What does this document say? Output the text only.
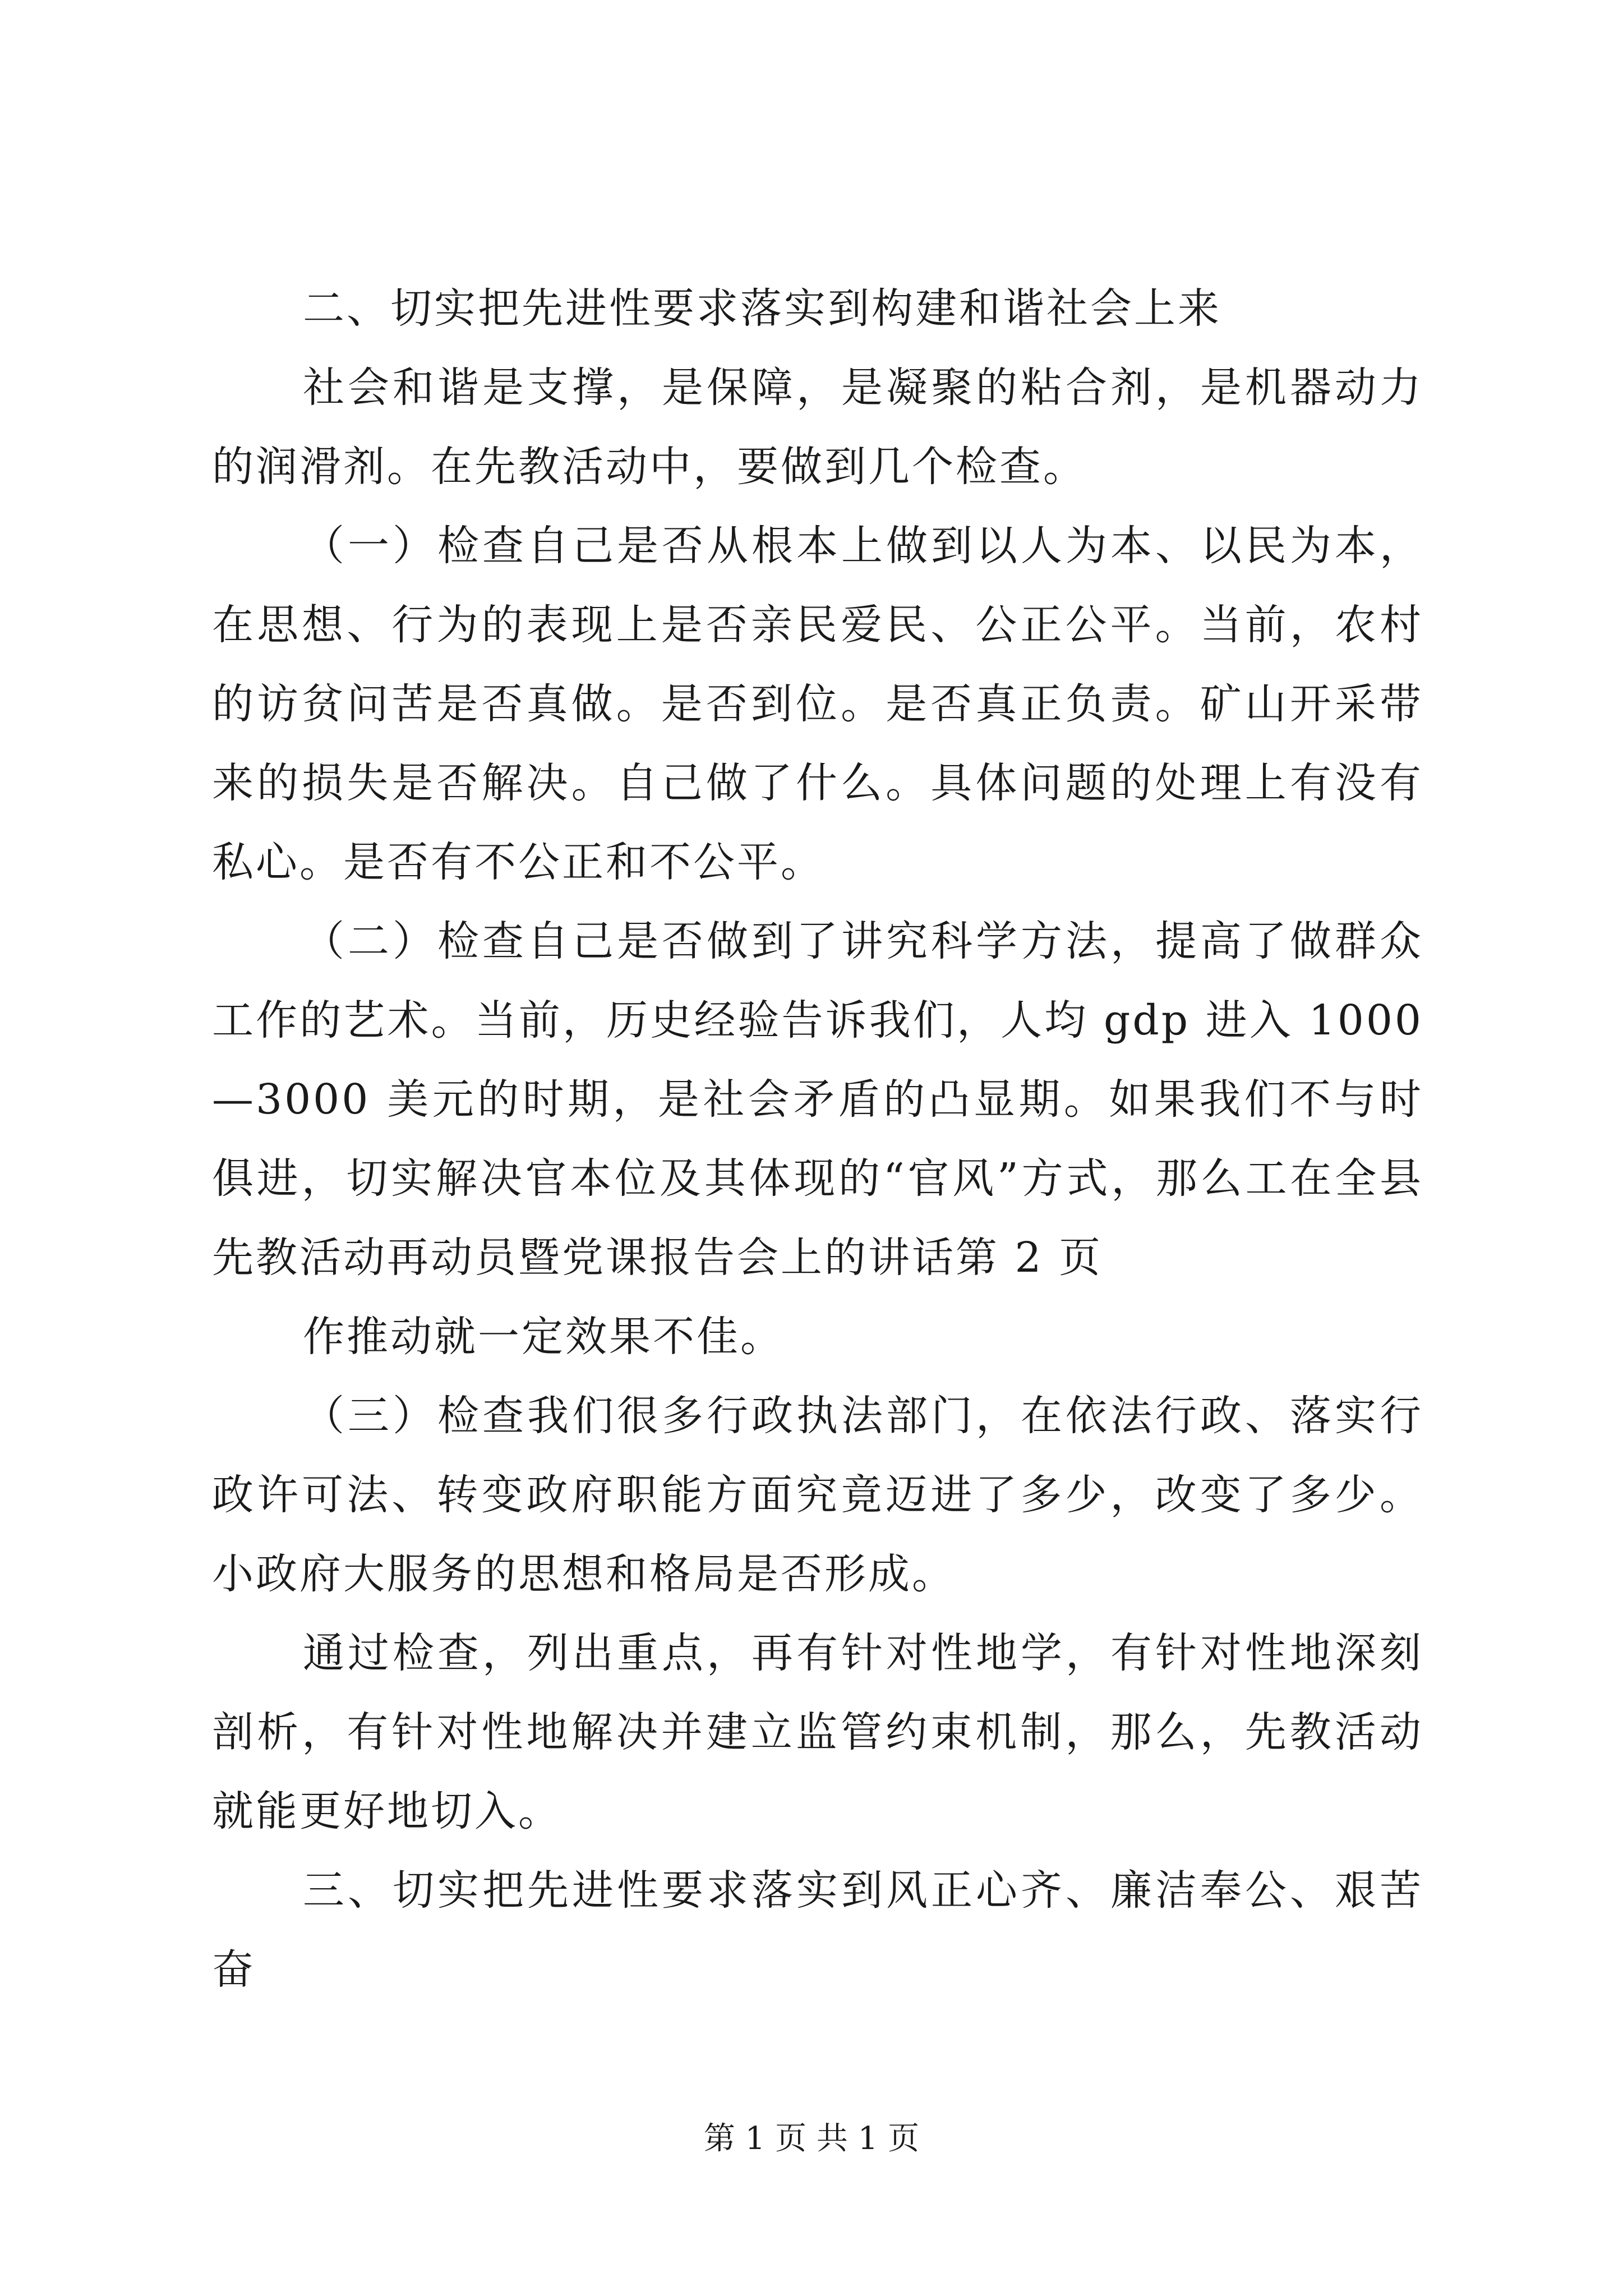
二、切实把先进性要求落实到构建和谐社会上来

社会和谐是支撑，是保障，是凝聚的粘合剂，是机器动力的润滑剂。在先教活动中，要做到几个检查。

（一）检查自己是否从根本上做到以人为本、以民为本，在思想、行为的表现上是否亲民爱民、公正公平。当前，农村的访贫问苦是否真做。是否到位。是否真正负责。矿山开采带来的损失是否解决。自己做了什么。具体问题的处理上有没有私心。是否有不公正和不公平。

（二）检查自己是否做到了讲究科学方法，提高了做群众工作的艺术。当前，历史经验告诉我们，人均 gdp 进入 1000—3000 美元的时期，是社会矛盾的凸显期。如果我们不与时俱进，切实解决官本位及其体现的“官风”方式，那么工在全县先教活动再动员暨党课报告会上的讲话第 2 页

作推动就一定效果不佳。

（三）检查我们很多行政执法部门，在依法行政、落实行政许可法、转变政府职能方面究竟迈进了多少，改变了多少。小政府大服务的思想和格局是否形成。

通过检查，列出重点，再有针对性地学，有针对性地深刻剖析，有针对性地解决并建立监管约束机制，那么，先教活动就能更好地切入。

三、切实把先进性要求落实到风正心齐、廉洁奉公、艰苦奋

第 1 页 共 1 页
